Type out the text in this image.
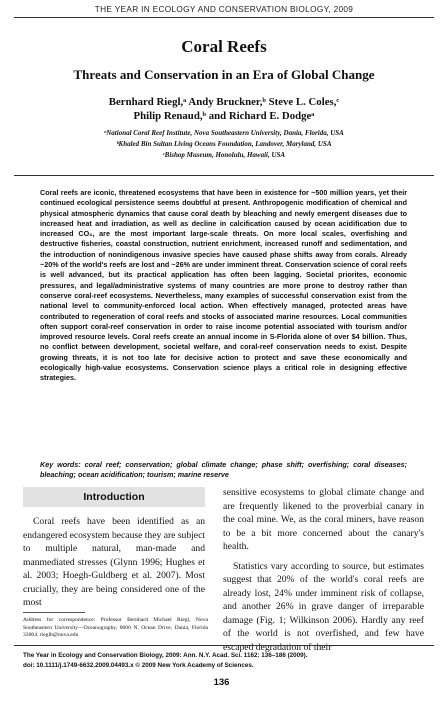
THE YEAR IN ECOLOGY AND CONSERVATION BIOLOGY, 2009
Coral Reefs
Threats and Conservation in an Era of Global Change
Bernhard Riegl,ᵃ Andy Bruckner,ᵇ Steve L. Coles,ᶜ
Philip Renaud,ᵇ and Richard E. Dodgeᵃ
ᵃNational Coral Reef Institute, Nova Southeastern University, Dania, Florida, USA
ᵇKhaled Bin Sultan Living Oceans Foundation, Landover, Maryland, USA
ᶜBishop Museum, Honolulu, Hawaii, USA

Coral reefs are iconic, threatened ecosystems that have been in existence for ~500 million years, yet their continued ecological persistence seems doubtful at present. Anthropogenic modification of chemical and physical atmospheric dynamics that cause coral death by bleaching and newly emergent diseases due to increased heat and irradiation, as well as decline in calcification caused by ocean acidification due to increased CO₂, are the most important large-scale threats. On more local scales, overfishing and destructive fisheries, coastal construction, nutrient enrichment, increased runoff and sedimentation, and the introduction of nonindigenous invasive species have caused phase shifts away from corals. Already ~20% of the world's reefs are lost and ~26% are under imminent threat. Conservation science of coral reefs is well advanced, but its practical application has often been lagging. Societal priorites, economic pressures, and legal/administrative systems of many countries are more prone to destroy rather than conserve coral-reef ecosystems. Nevertheless, many examples of successful conservation exist from the national level to community-enforced local action. When effectively managed, protected areas have contributed to regeneration of coral reefs and stocks of associated marine resources. Local communities often support coral-reef conservation in order to raise income potential associated with tourism and/or improved resource levels. Coral reefs create an annual income in S-Florida alone of over $4 billion. Thus, no conflict between development, societal welfare, and coral-reef conservation needs to exist. Despite growing threats, it is not too late for decisive action to protect and save these economically and ecologically high-value ecosystems. Conservation science plays a critical role in designing effective strategies.

Key words: coral reef; conservation; global climate change; phase shift; overfishing; coral diseases; bleaching; ocean acidification; tourism; marine reserve

Introduction

Coral reefs have been identified as an endangered ecosystem because they are subject to multiple natural, man-made and manmediated stresses (Glynn 1996; Hughes et al. 2003; Hoegh-Guldberg et al. 2007). Most crucially, they are being considered one of the most

sensitive ecosystems to global climate change and are frequently likened to the proverbial canary in the coal mine. We, as the coral miners, have reason to be a bit more concerned about the canary's health.
Statistics vary according to source, but estimates suggest that 20% of the world's coral reefs are already lost, 24% under imminent risk of collapse, and another 26% in grave danger of irreparable damage (Fig. 1; Wilkinson 2006). Hardly any reef of the world is not overfished, and few have escaped degradation of their
Address for correspondence: Professor Bernhard Michael Riegl, Nova Southeastern University—Oceanography, 8000 N. Ocean Drive, Dania, Florida 33004. rieglb@nova.edu
The Year in Ecology and Conservation Biology, 2009: Ann. N.Y. Acad. Sci. 1162: 136–186 (2009).
doi: 10.1111/j.1749-6632.2009.04493.x © 2009 New York Academy of Sciences.
136
